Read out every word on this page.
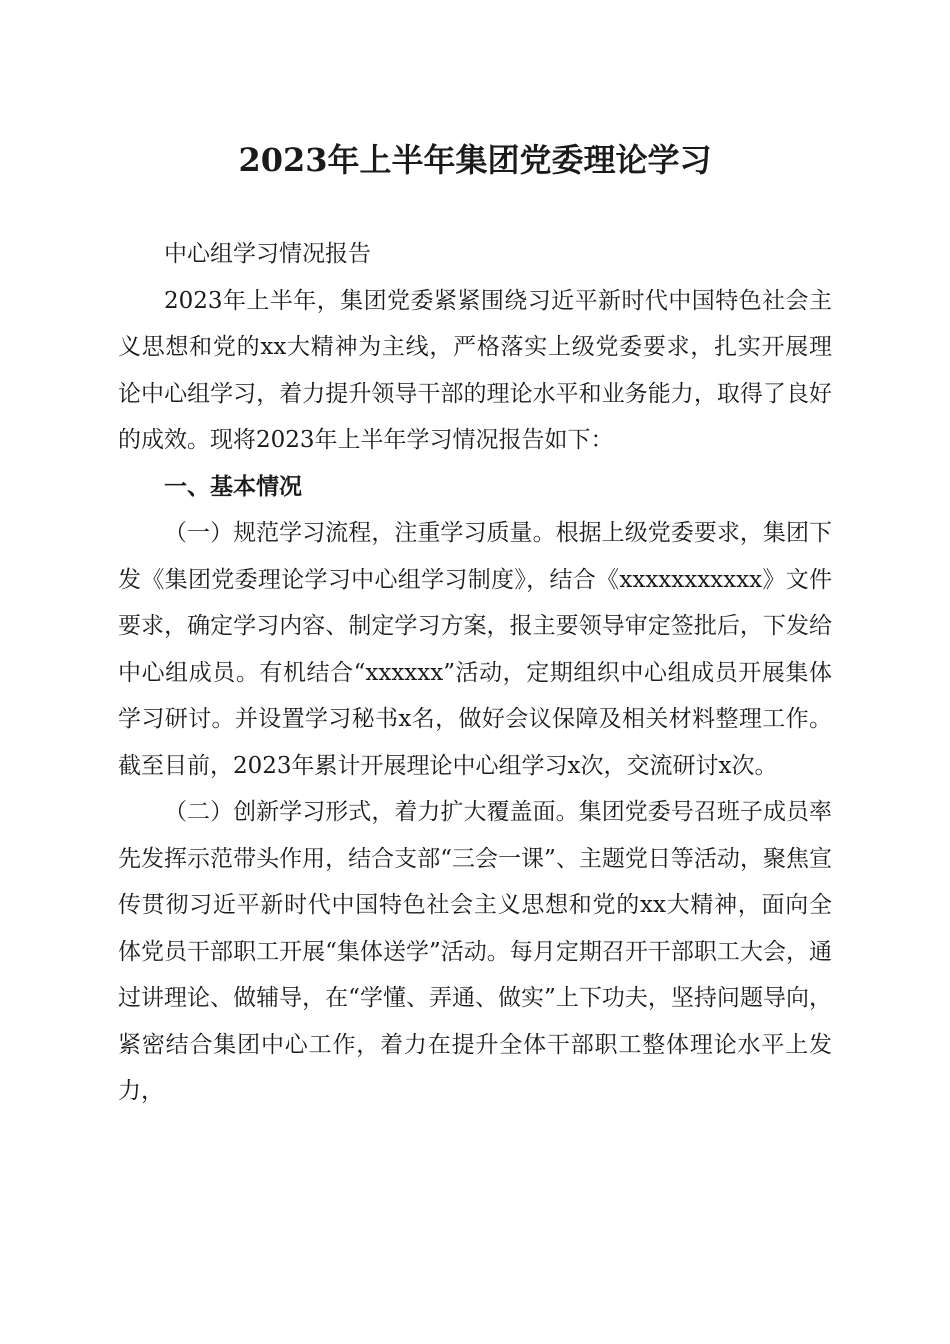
2023年上半年集团党委理论学习

中心组学习情况报告

2023年上半年，集团党委紧紧围绕习近平新时代中国特色社会主义思想和党的xx大精神为主线，严格落实上级党委要求，扎实开展理论中心组学习，着力提升领导干部的理论水平和业务能力，取得了良好的成效。现将2023年上半年学习情况报告如下：

一、基本情况

（一）规范学习流程，注重学习质量。根据上级党委要求，集团下发《集团党委理论学习中心组学习制度》，结合《xxxxxxxxxxx》文件要求，确定学习内容、制定学习方案，报主要领导审定签批后，下发给中心组成员。有机结合“xxxxxx”活动，定期组织中心组成员开展集体学习研讨。并设置学习秘书x名，做好会议保障及相关材料整理工作。截至目前，2023年累计开展理论中心组学习x次，交流研讨x次。

（二）创新学习形式，着力扩大覆盖面。集团党委号召班子成员率先发挥示范带头作用，结合支部“三会一课”、主题党日等活动，聚焦宣传贯彻习近平新时代中国特色社会主义思想和党的xx大精神，面向全体党员干部职工开展“集体送学”活动。每月定期召开干部职工大会，通过讲理论、做辅导，在“学懂、弄通、做实”上下功夫，坚持问题导向，紧密结合集团中心工作，着力在提升全体干部职工整体理论水平上发力，
